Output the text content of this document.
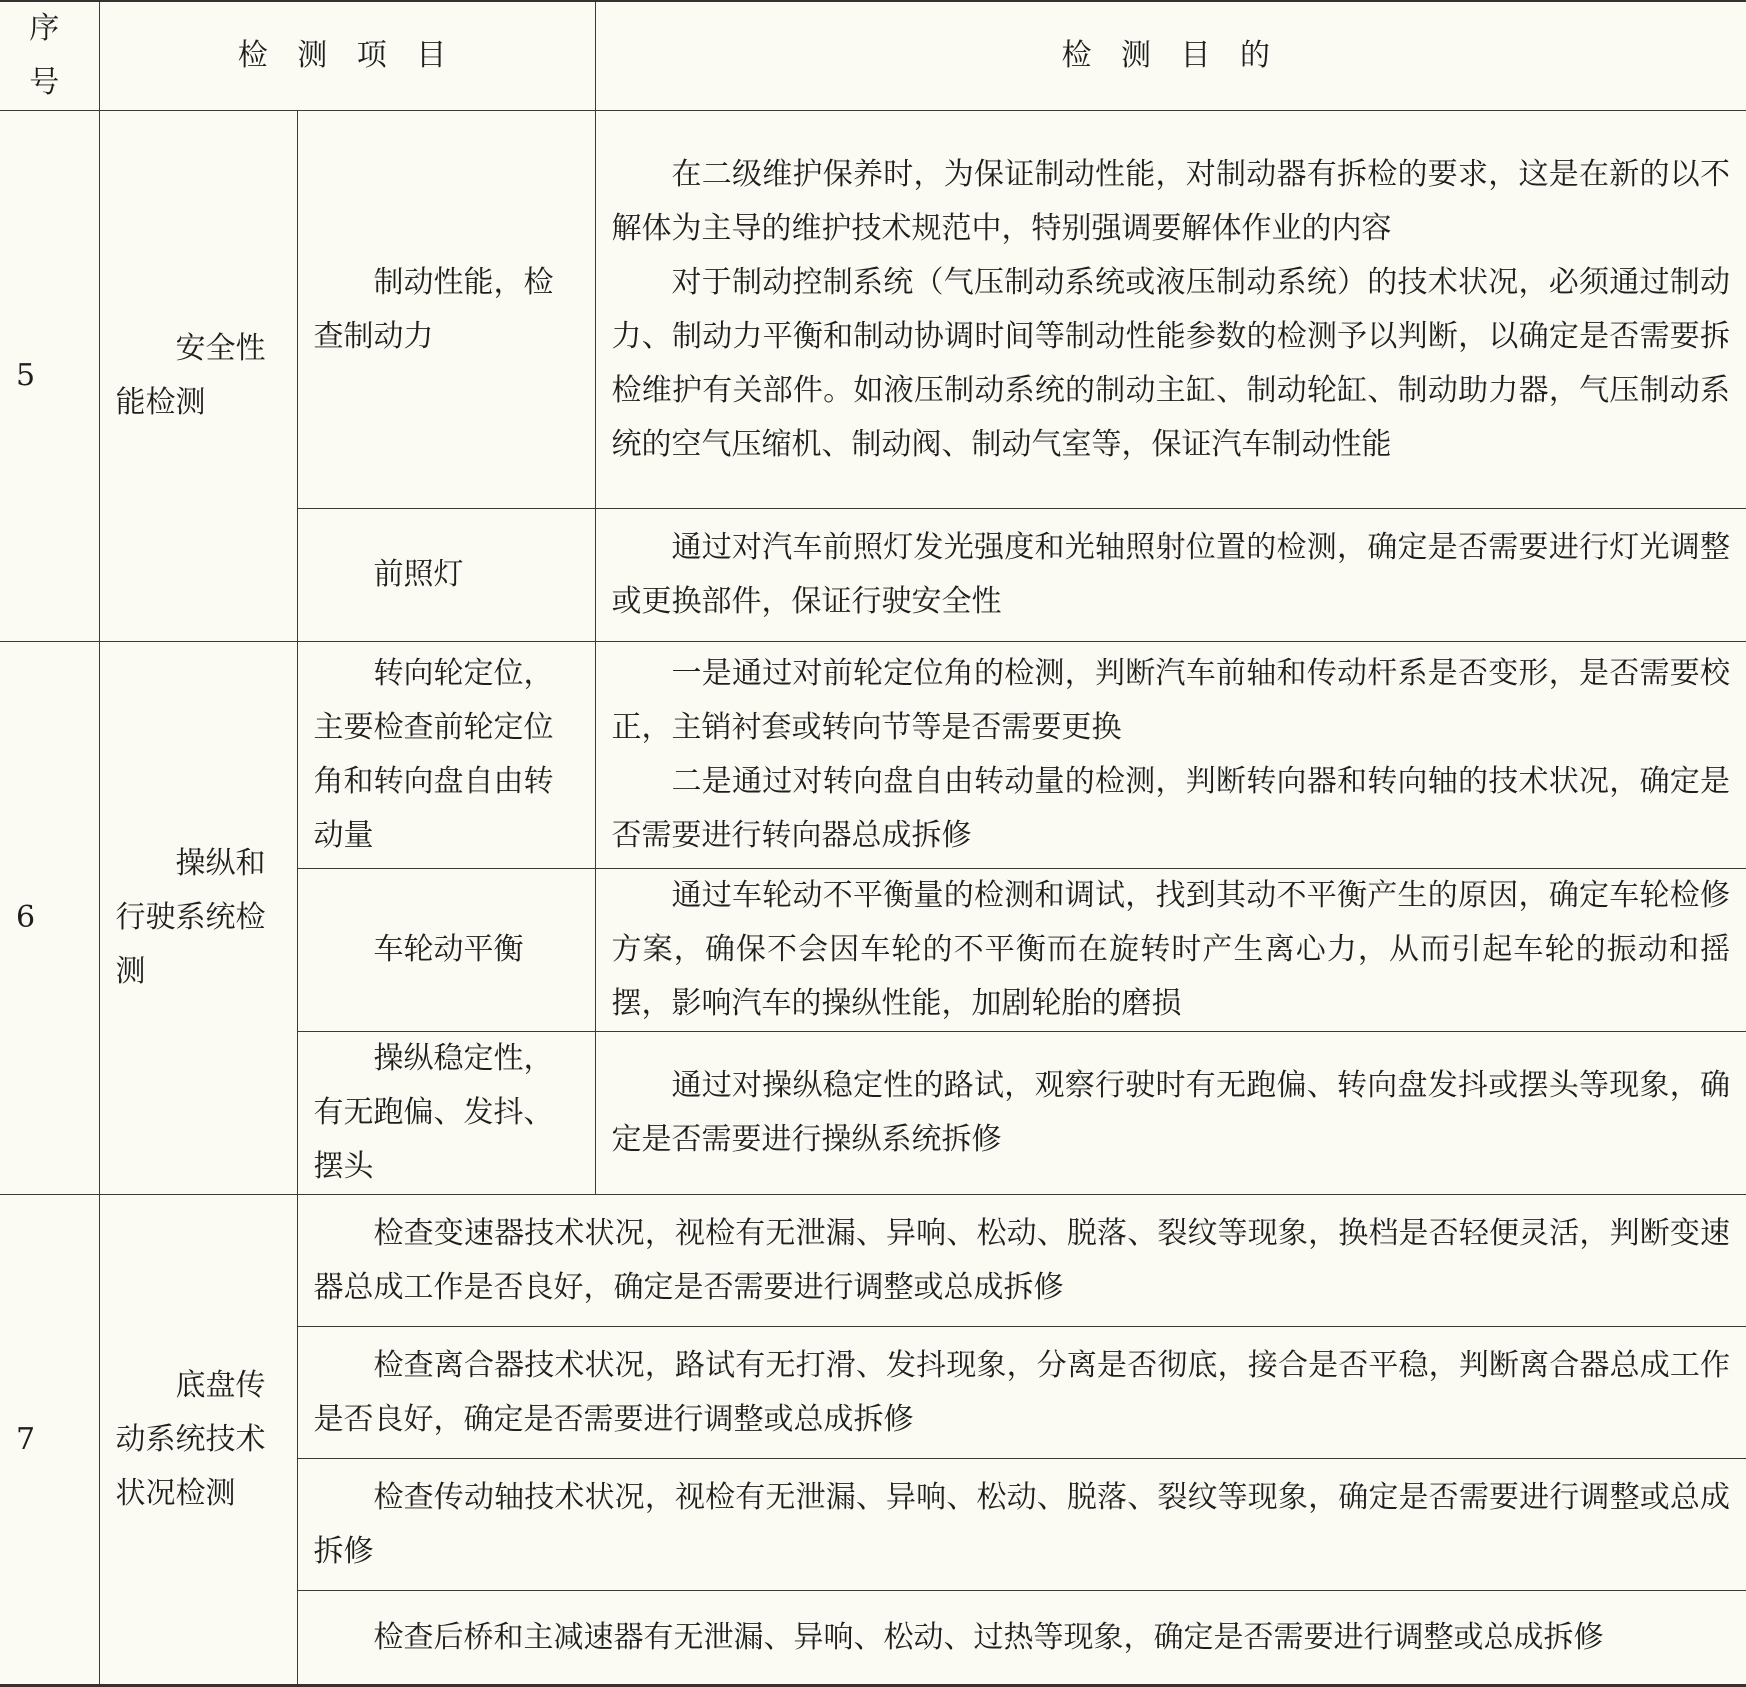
序号	检 测 项 目		检 测 目 的
5	安全性能检测	制动性能，检查制动力	在二级维护保养时，为保证制动性能，对制动器有拆检的要求，这是在新的以不解体为主导的维护技术规范中，特别强调要解体作业的内容

对于制动控制系统（气压制动系统或液压制动系统）的技术状况，必须通过制动力、制动力平衡和制动协调时间等制动性能参数的检测予以判断，以确定是否需要拆检维护有关部件。如液压制动系统的制动主缸、制动轮缸、制动助力器，气压制动系统的空气压缩机、制动阀、制动气室等，保证汽车制动性能

		前照灯	通过对汽车前照灯发光强度和光轴照射位置的检测，确定是否需要进行灯光调整或更换部件，保证行驶安全性

6	操纵和行驶系统检测	转向轮定位，主要检查前轮定位角和转向盘自由转动量	一是通过对前轮定位角的检测，判断汽车前轴和传动杆系是否变形，是否需要校正，主销衬套或转向节等是否需要更换

二是通过对转向盘自由转动量的检测，判断转向器和转向轴的技术状况，确定是否需要进行转向器总成拆修

		车轮动平衡	通过车轮动不平衡量的检测和调试，找到其动不平衡产生的原因，确定车轮检修方案，确保不会因车轮的不平衡而在旋转时产生离心力，从而引起车轮的振动和摇摆，影响汽车的操纵性能，加剧轮胎的磨损

		操纵稳定性，有无跑偏、发抖、摆头	通过对操纵稳定性的路试，观察行驶时有无跑偏、转向盘发抖或摆头等现象，确定是否需要进行操纵系统拆修

7	底盘传动系统技术状况检测	检查变速器技术状况，视检有无泄漏、异响、松动、脱落、裂纹等现象，换档是否轻便灵活，判断变速器总成工作是否良好，确定是否需要进行调整或总成拆修	

		检查离合器技术状况，路试有无打滑、发抖现象，分离是否彻底，接合是否平稳，判断离合器总成工作是否良好，确定是否需要进行调整或总成拆修	

		检查传动轴技术状况，视检有无泄漏、异响、松动、脱落、裂纹等现象，确定是否需要进行调整或总成拆修	

		检查后桥和主减速器有无泄漏、异响、松动、过热等现象，确定是否需要进行调整或总成拆修	
